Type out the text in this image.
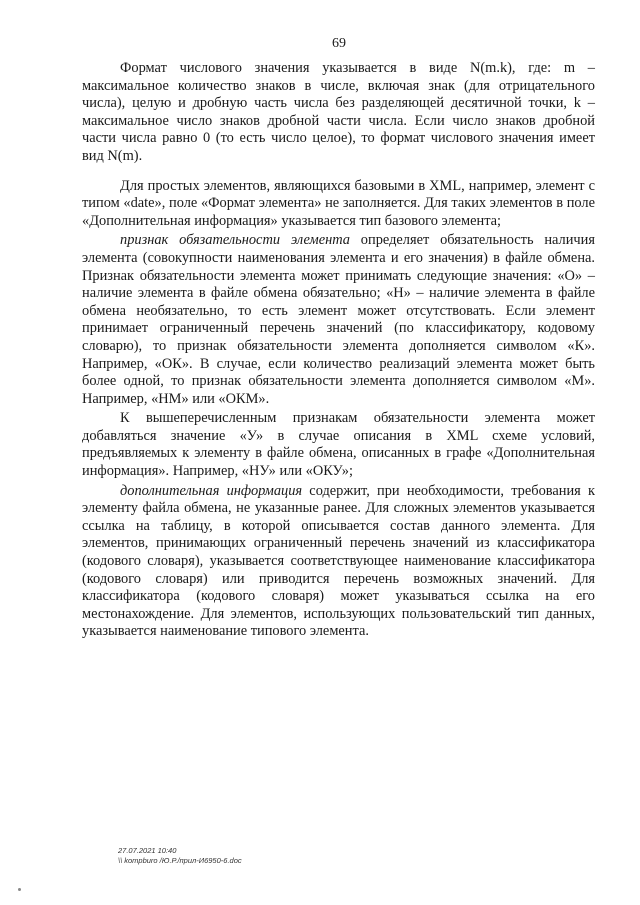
69

Формат числового значения указывается в виде N(m.k), где: m – максимальное количество знаков в числе, включая знак (для отрицательного числа), целую и дробную часть числа без разделяющей десятичной точки, k – максимальное число знаков дробной части числа. Если число знаков дробной части числа равно 0 (то есть число целое), то формат числового значения имеет вид N(m).

Для простых элементов, являющихся базовыми в XML, например, элемент с типом «date», поле «Формат элемента» не заполняется. Для таких элементов в поле «Дополнительная информация» указывается тип базового элемента;

признак обязательности элемента определяет обязательность наличия элемента (совокупности наименования элемента и его значения) в файле обмена. Признак обязательности элемента может принимать следующие значения: «О» – наличие элемента в файле обмена обязательно; «Н» – наличие элемента в файле обмена необязательно, то есть элемент может отсутствовать. Если элемент принимает ограниченный перечень значений (по классификатору, кодовому словарю), то признак обязательности элемента дополняется символом «К». Например, «ОК». В случае, если количество реализаций элемента может быть более одной, то признак обязательности элемента дополняется символом «М». Например, «НМ» или «ОКМ».

К вышеперечисленным признакам обязательности элемента может добавляться значение «У» в случае описания в XML схеме условий, предъявляемых к элементу в файле обмена, описанных в графе «Дополнительная информация». Например, «НУ» или «ОКУ»;

дополнительная информация содержит, при необходимости, требования к элементу файла обмена, не указанные ранее. Для сложных элементов указывается ссылка на таблицу, в которой описывается состав данного элемента. Для элементов, принимающих ограниченный перечень значений из классификатора (кодового словаря), указывается соответствующее наименование классификатора (кодового словаря) или приводится перечень возможных значений. Для классификатора (кодового словаря) может указываться ссылка на его местонахождение. Для элементов, использующих пользовательский тип данных, указывается наименование типового элемента.

27.07.2021 10:40
\\ kompburo /Ю.Р./прил-И6950-6.doc
